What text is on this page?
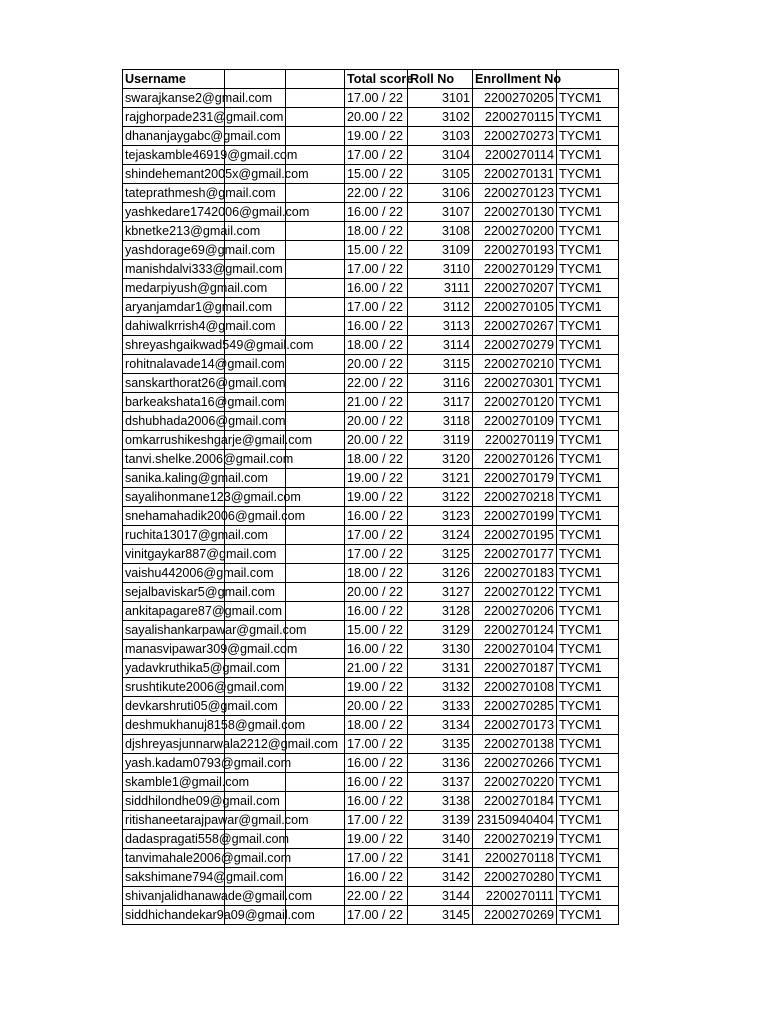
Username			Total score	Roll No	Enrollment No	
swarajkanse2@gmail.com			17.00 / 22	3101	2200270205	TYCM1
rajghorpade231@gmail.com			20.00 / 22	3102	2200270115	TYCM1
dhananjaygabc@gmail.com			19.00 / 22	3103	2200270273	TYCM1
tejaskamble46919@gmail.com			17.00 / 22	3104	2200270114	TYCM1
shindehemant2005x@gmail.com			15.00 / 22	3105	2200270131	TYCM1
tateprathmesh@gmail.com			22.00 / 22	3106	2200270123	TYCM1
yashkedare1742006@gmail.com			16.00 / 22	3107	2200270130	TYCM1
kbnetke213@gmail.com			18.00 / 22	3108	2200270200	TYCM1
yashdorage69@gmail.com			15.00 / 22	3109	2200270193	TYCM1
manishdalvi333@gmail.com			17.00 / 22	3110	2200270129	TYCM1
medarpiyush@gmail.com			16.00 / 22	3111	2200270207	TYCM1
aryanjamdar1@gmail.com			17.00 / 22	3112	2200270105	TYCM1
dahiwalkrrish4@gmail.com			16.00 / 22	3113	2200270267	TYCM1
shreyashgaikwad549@gmail.com			18.00 / 22	3114	2200270279	TYCM1
rohitnalavade14@gmail.com			20.00 / 22	3115	2200270210	TYCM1
sanskarthorat26@gmail.com			22.00 / 22	3116	2200270301	TYCM1
barkeakshata16@gmail.com			21.00 / 22	3117	2200270120	TYCM1
dshubhada2006@gmail.com			20.00 / 22	3118	2200270109	TYCM1
omkarrushikeshgarje@gmail.com			20.00 / 22	3119	2200270119	TYCM1
tanvi.shelke.2006@gmail.com			18.00 / 22	3120	2200270126	TYCM1
sanika.kaling@gmail.com			19.00 / 22	3121	2200270179	TYCM1
sayalihonmane123@gmail.com			19.00 / 22	3122	2200270218	TYCM1
snehamahadik2006@gmail.com			16.00 / 22	3123	2200270199	TYCM1
ruchita13017@gmail.com			17.00 / 22	3124	2200270195	TYCM1
vinitgaykar887@gmail.com			17.00 / 22	3125	2200270177	TYCM1
vaishu442006@gmail.com			18.00 / 22	3126	2200270183	TYCM1
sejalbaviskar5@gmail.com			20.00 / 22	3127	2200270122	TYCM1
ankitapagare87@gmail.com			16.00 / 22	3128	2200270206	TYCM1
sayalishankarpawar@gmail.com			15.00 / 22	3129	2200270124	TYCM1
manasvipawar309@gmail.com			16.00 / 22	3130	2200270104	TYCM1
yadavkruthika5@gmail.com			21.00 / 22	3131	2200270187	TYCM1
srushtikute2006@gmail.com			19.00 / 22	3132	2200270108	TYCM1
devkarshruti05@gmail.com			20.00 / 22	3133	2200270285	TYCM1
deshmukhanuj8158@gmail.com			18.00 / 22	3134	2200270173	TYCM1
djshreyasjunnarwala2212@gmail.com			17.00 / 22	3135	2200270138	TYCM1
yash.kadam0793@gmail.com			16.00 / 22	3136	2200270266	TYCM1
skamble1@gmail.com			16.00 / 22	3137	2200270220	TYCM1
siddhilondhe09@gmail.com			16.00 / 22	3138	2200270184	TYCM1
ritishaneetarajpawar@gmail.com			17.00 / 22	3139	23150940404	TYCM1
dadaspragati558@gmail.com			19.00 / 22	3140	2200270219	TYCM1
tanvimahale2006@gmail.com			17.00 / 22	3141	2200270118	TYCM1
sakshimane794@gmail.com			16.00 / 22	3142	2200270280	TYCM1
shivanjalidhanawade@gmail.com			22.00 / 22	3144	2200270111	TYCM1
siddhichandekar9a09@gmail.com			17.00 / 22	3145	2200270269	TYCM1
